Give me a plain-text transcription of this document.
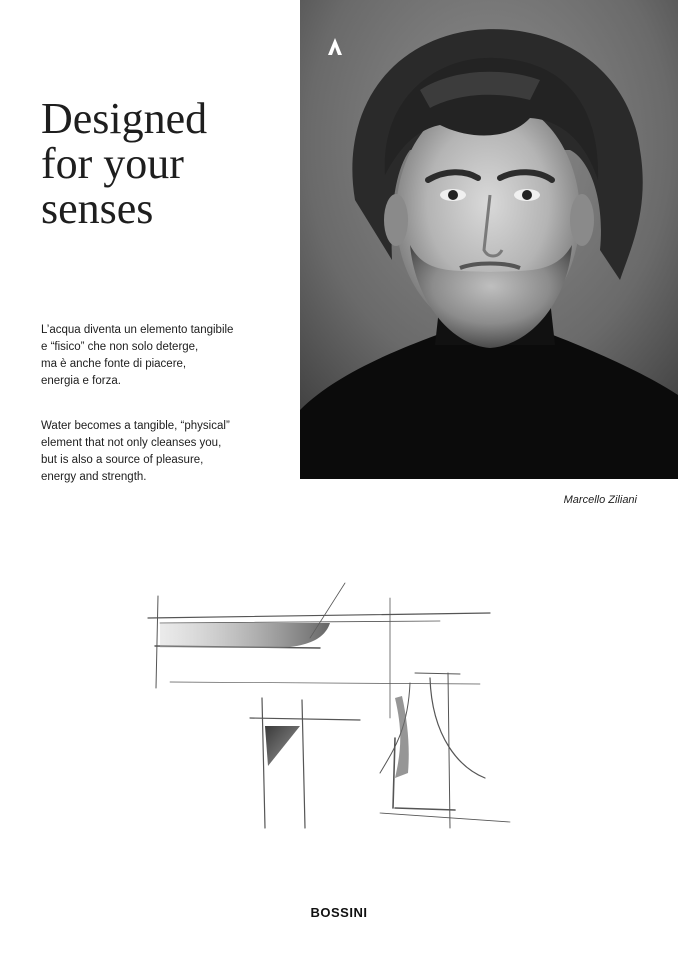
Designed
for your
senses

L’acqua diventa un elemento tangibile
e “fisico” che non solo deterge,
ma è anche fonte di piacere,
energia e forza.

Water becomes a tangible, “physical”
element that not only cleanses you,
but is also a source of pleasure,
energy and strength.

Marcello Ziliani
BOSSINI
